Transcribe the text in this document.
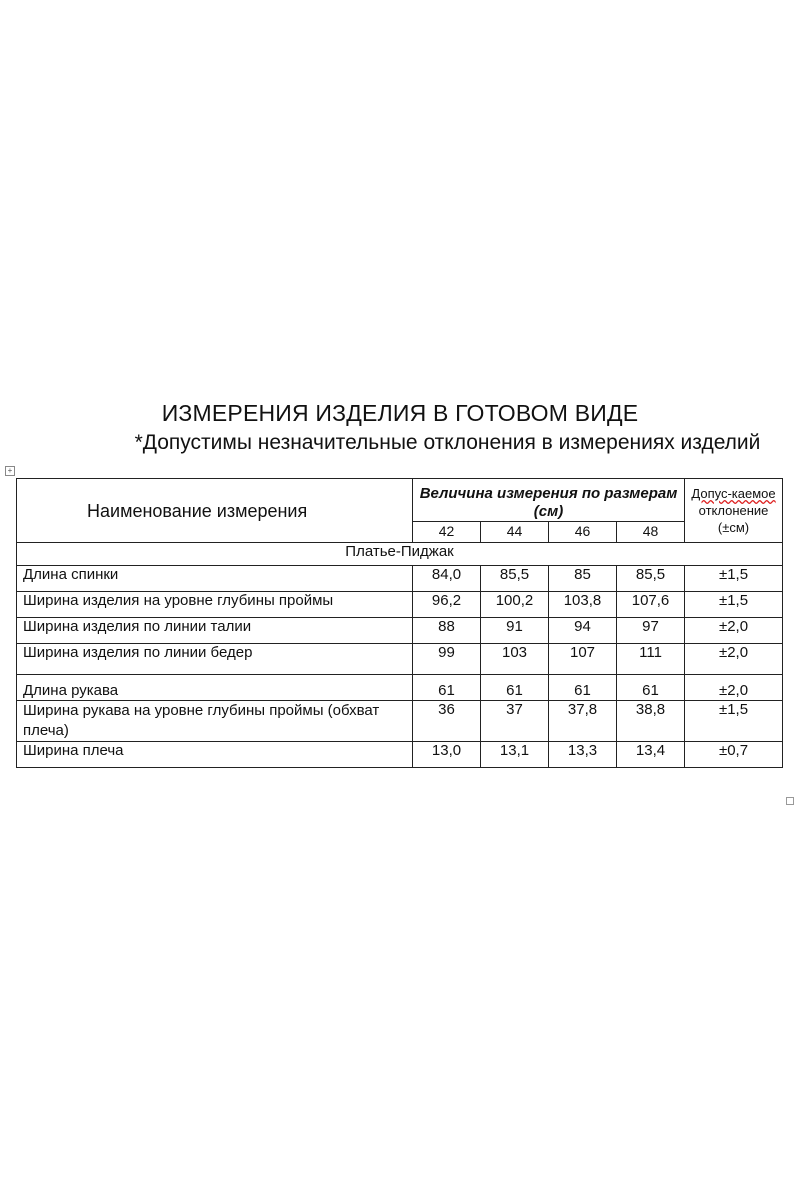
ИЗМЕРЕНИЯ ИЗДЕЛИЯ В ГОТОВОМ ВИДЕ
*Допустимы незначительные отклонения в измерениях изделий
+
Наименование измерения	Величина измерения по размерам (см)				Допус-каемое
отклонение
(±см)
	42	44	46	48	
Платье-Пиджак					
Длина спинки	84,0	85,5	85	85,5	±1,5
Ширина изделия на уровне глубины проймы	96,2	100,2	103,8	107,6	±1,5
Ширина изделия по линии талии	88	91	94	97	±2,0
Ширина изделия по линии бедер	99	103	107	111	±2,0
Длина рукава	61	61	61	61	±2,0
Ширина рукава на уровне глубины проймы (обхват плеча)	36	37	37,8	38,8	±1,5
Ширина плеча	13,0	13,1	13,3	13,4	±0,7
